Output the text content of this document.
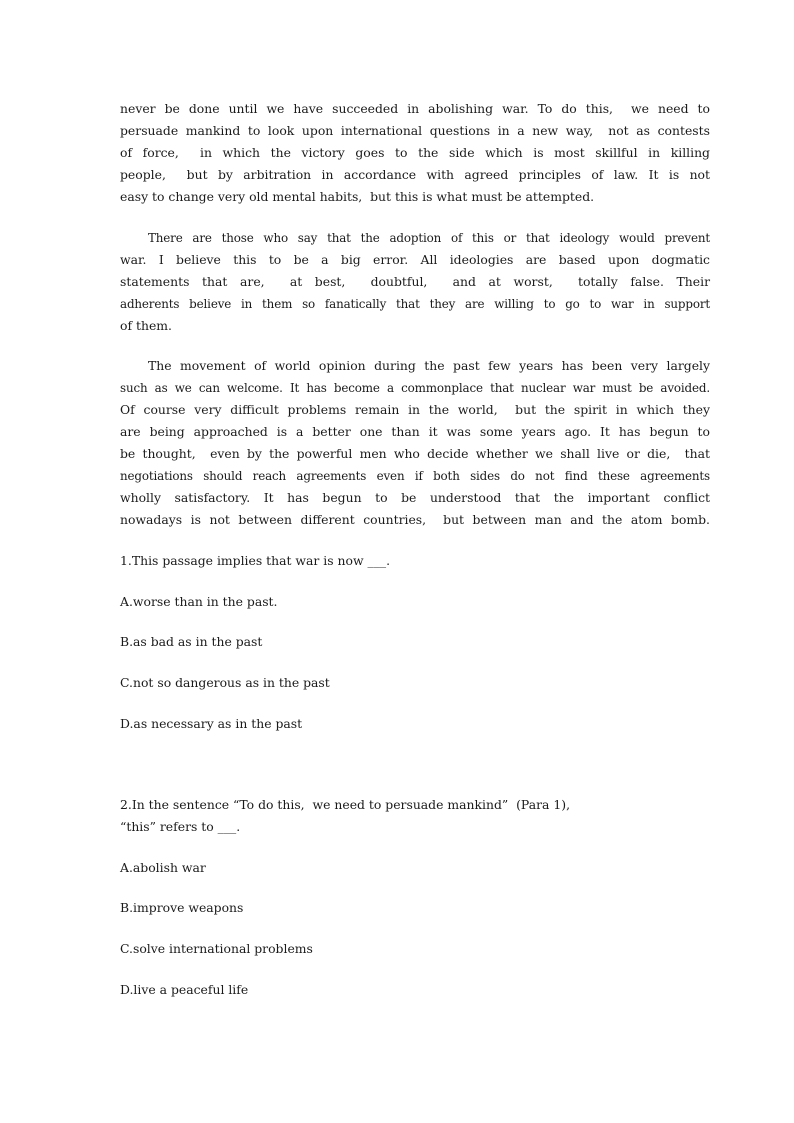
never be done until we have succeeded in abolishing war. To do this,  we need to
persuade mankind to look upon international questions in a new way,  not as contests
of force,  in which the victory goes to the side which is most skillful in killing
people,  but by arbitration in accordance with agreed principles of law. It is not
easy to change very old mental habits,  but this is what must be attempted.
There are those who say that the adoption of this or that ideology would prevent
war. I believe this to be a big error. All ideologies are based upon dogmatic
statements that are,  at best,  doubtful,  and at worst,  totally false. Their
adherents believe in them so fanatically that they are willing to go to war in support
of them.
The movement of world opinion during the past few years has been very largely
such as we can welcome. It has become a commonplace that nuclear war must be avoided.
Of course very difficult problems remain in the world,  but the spirit in which they
are being approached is a better one than it was some years ago. It has begun to
be thought,  even by the powerful men who decide whether we shall live or die,  that
negotiations should reach agreements even if both sides do not find these agreements
wholly satisfactory. It has begun to be understood that the important conflict
nowadays is not between different countries,  but between man and the atom bomb.
1.This passage implies that war is now ___.
A.worse than in the past.
B.as bad as in the past
C.not so dangerous as in the past
D.as necessary as in the past
2.In the sentence “To do this,  we need to persuade mankind”  (Para 1),
“this” refers to ___.
A.abolish war
B.improve weapons
C.solve international problems
D.live a peaceful life
